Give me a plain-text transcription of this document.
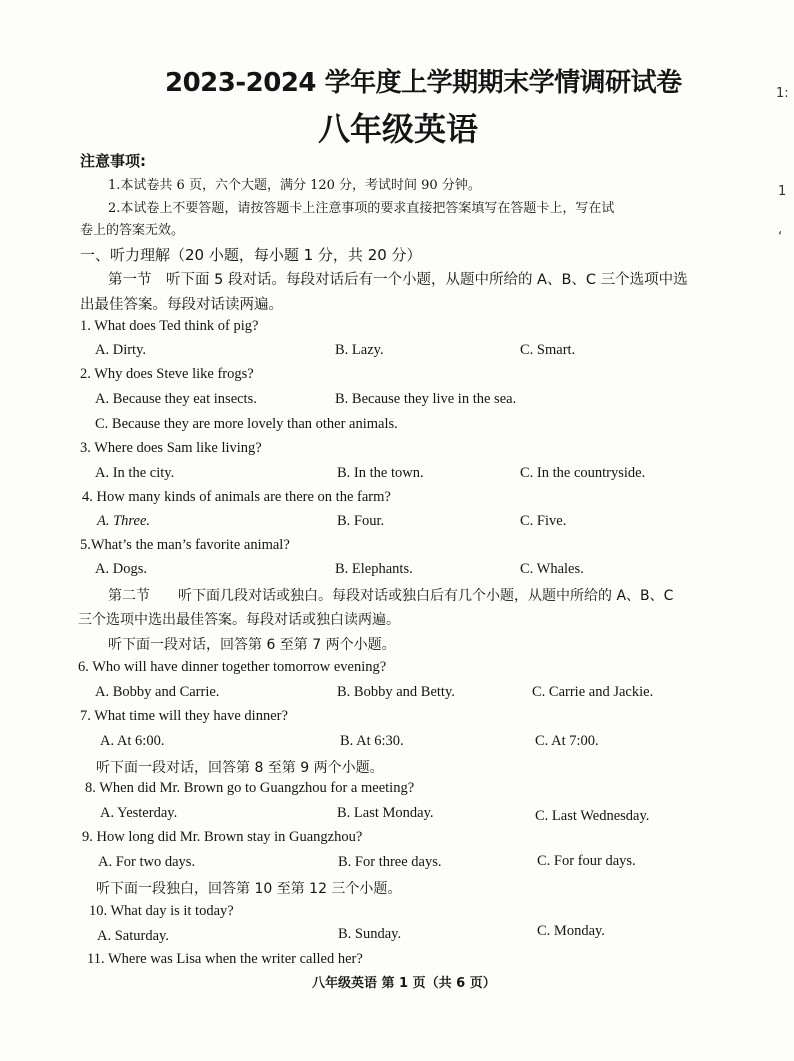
2023-2024 学年度上学期期末学情调研试卷
八年级英语
1:
1
‘
注意事项:
1.本试卷共 6 页，六个大题，满分 120 分，考试时间 90 分钟。
2.本试卷上不要答题，请按答题卡上注意事项的要求直接把答案填写在答题卡上，写在试
卷上的答案无效。
一、听力理解（20 小题，每小题 1 分，共 20 分）
第一节　听下面 5 段对话。每段对话后有一个小题，从题中所给的 A、B、C 三个选项中选
出最佳答案。每段对话读两遍。
1. What does Ted think of pig?
A. Dirty.	B. Lazy.	C. Smart.
2. Why does Steve like frogs?
A. Because they eat insects.	B. Because they live in the sea.
C. Because they are more lovely than other animals.
3. Where does Sam like living?
A. In the city.	B. In the town.	C. In the countryside.
4. How many kinds of animals are there on the farm?
A. Three.	B. Four.	C. Five.
5.What’s the man’s favorite animal?
A. Dogs.	B. Elephants.	C. Whales.
第二节　　听下面几段对话或独白。每段对话或独白后有几个小题，从题中所给的 A、B、C
三个选项中选出最佳答案。每段对话或独白读两遍。
听下面一段对话，回答第 6 至第 7 两个小题。
6. Who will have dinner together tomorrow evening?
A. Bobby and Carrie.	B. Bobby and Betty.	C. Carrie and Jackie.
7. What time will they have dinner?
A. At 6:00.	B. At 6:30.	C. At 7:00.
听下面一段对话，回答第 8 至第 9 两个小题。
8. When did Mr. Brown go to Guangzhou for a meeting?
A. Yesterday.	B. Last Monday.	C. Last Wednesday.
9. How long did Mr. Brown stay in Guangzhou?
A. For two days.	B. For three days.	C. For four days.
听下面一段独白，回答第 10 至第 12 三个小题。
10. What day is it today?
A. Saturday.	B. Sunday.	C. Monday.
11. Where was Lisa when the writer called her?
八年级英语 第 1 页（共 6 页）
